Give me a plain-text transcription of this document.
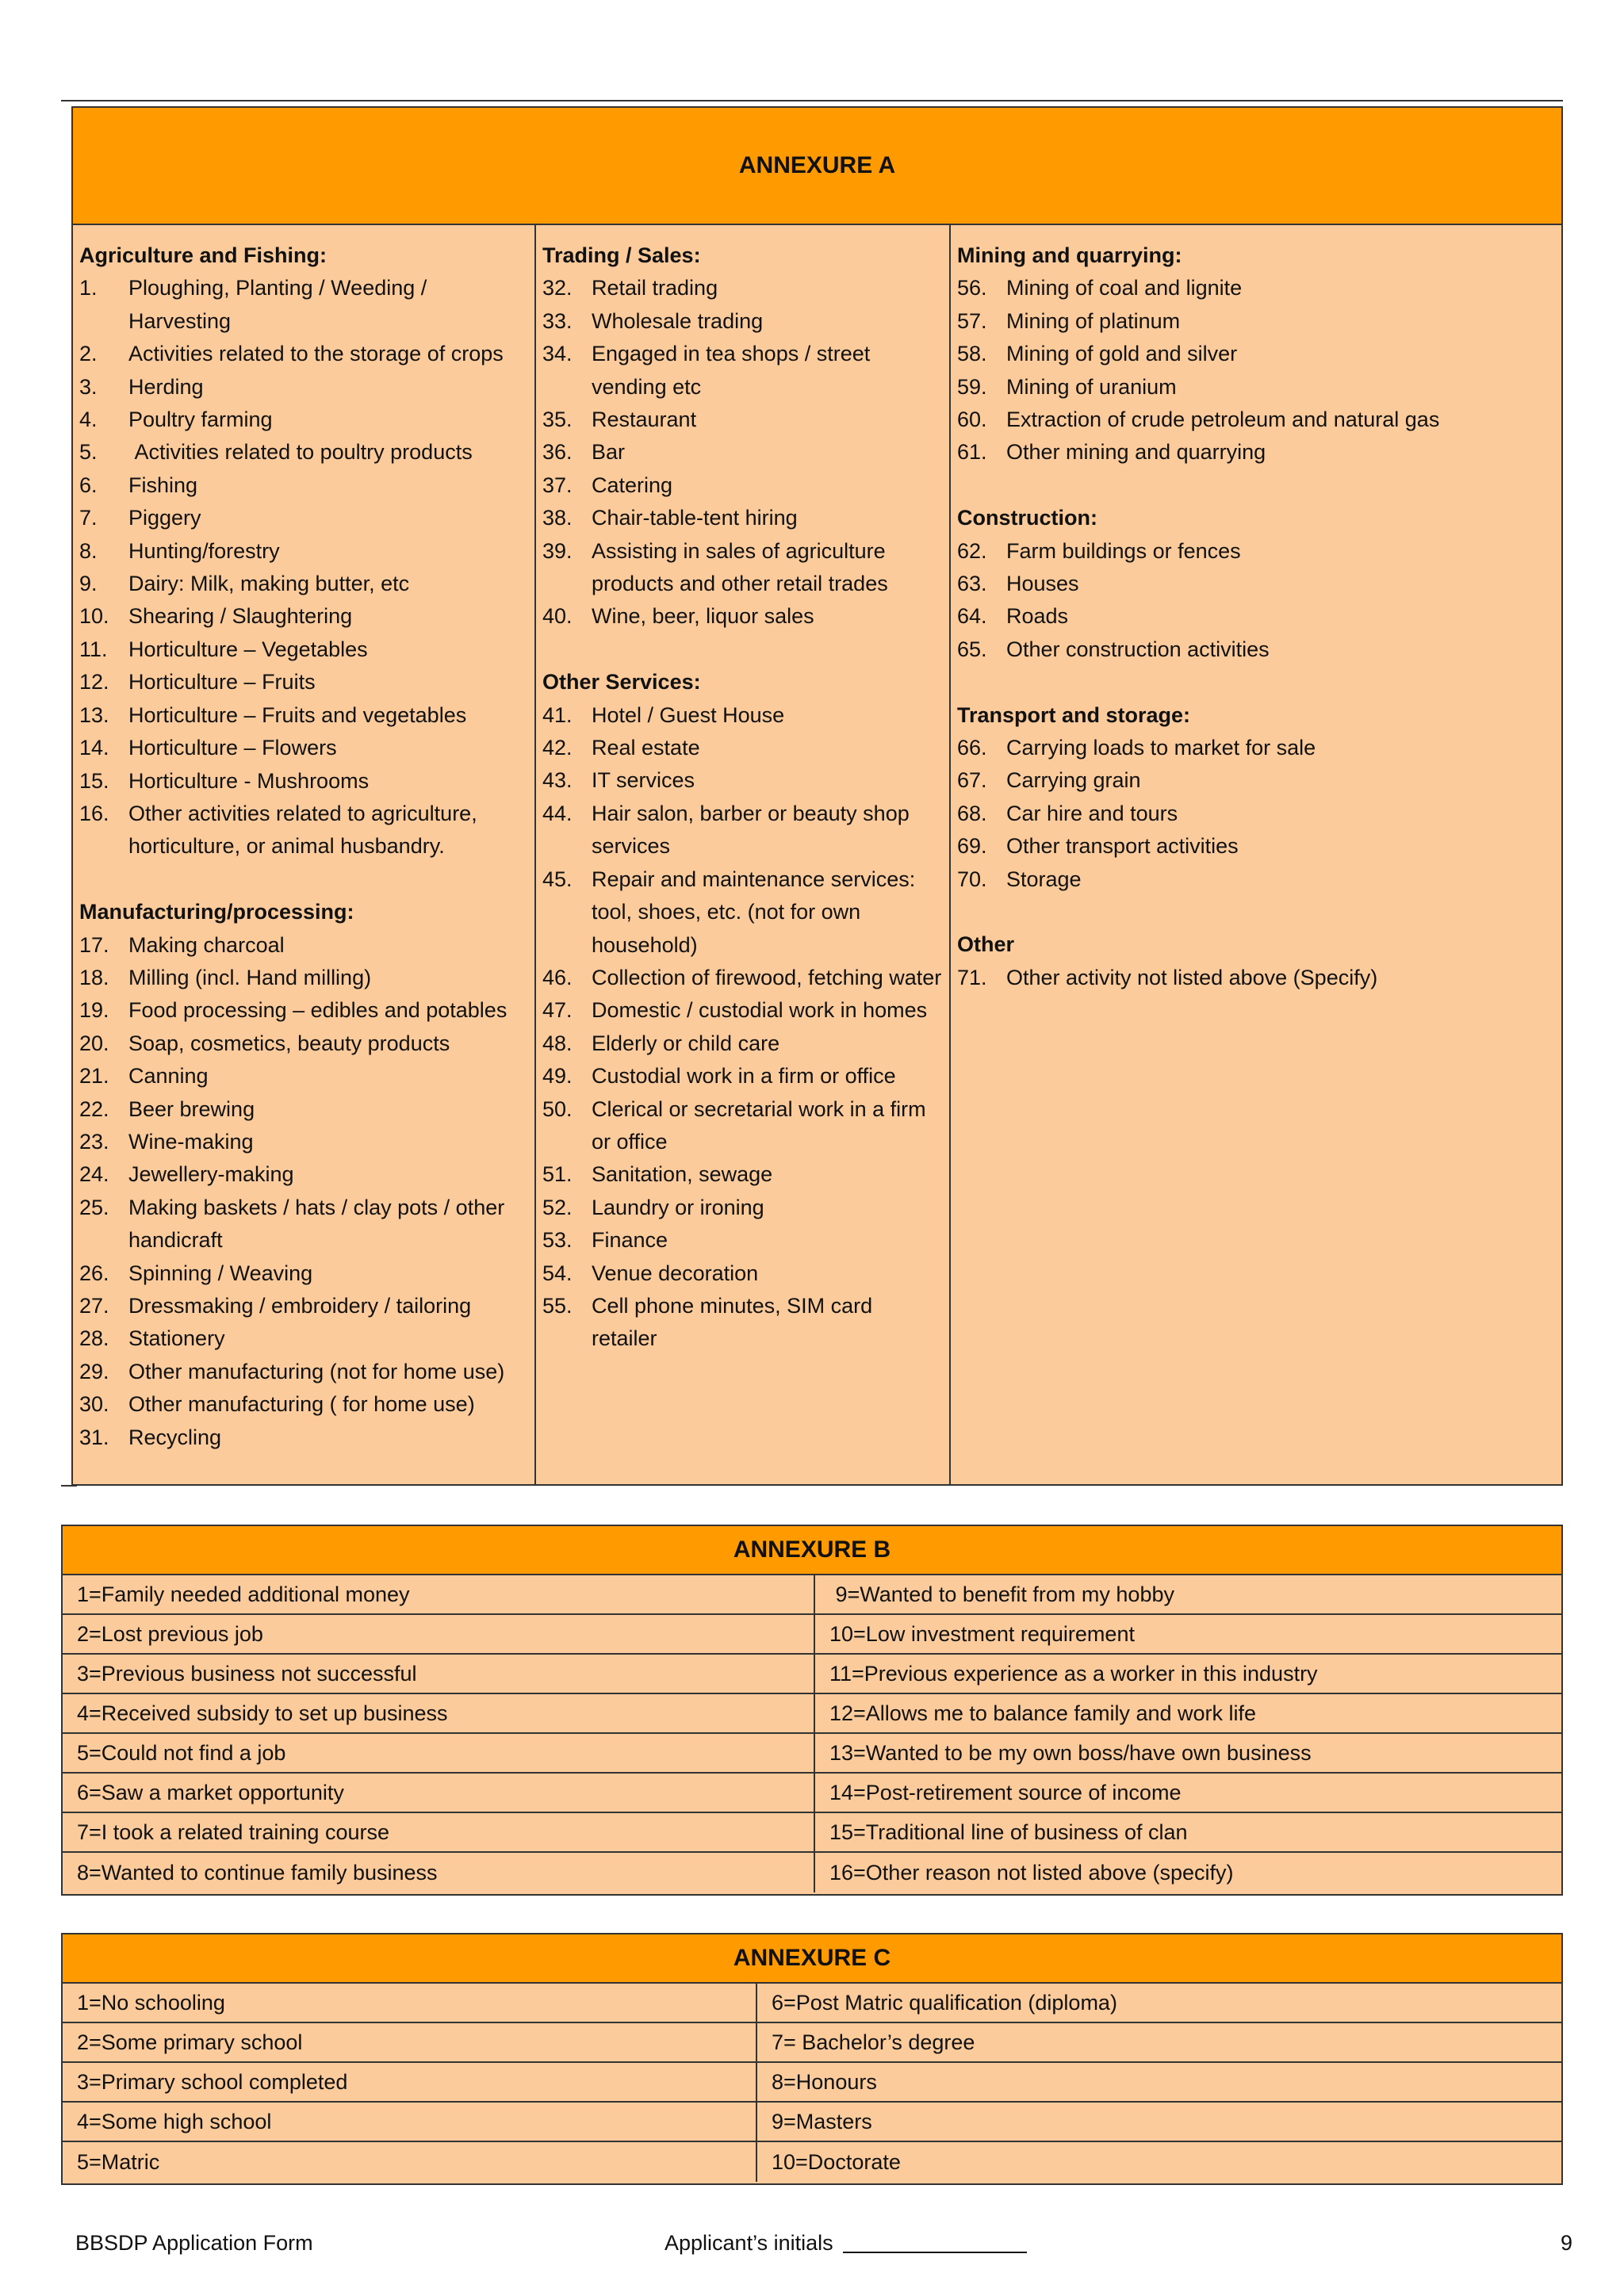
ANNEXURE A
Agriculture and Fishing:
1.	Ploughing, Planting / Weeding / Harvesting
2.	Activities related to the storage of crops
3.	Herding
4.	Poultry farming
5.	Activities related to poultry products
6.	Fishing
7.	Piggery
8.	Hunting/forestry
9.	Dairy: Milk, making butter, etc
10. Shearing / Slaughtering
11. Horticulture – Vegetables
12. Horticulture – Fruits
13. Horticulture – Fruits and vegetables
14. Horticulture – Flowers
15. Horticulture - Mushrooms
16. Other activities related to agriculture, horticulture, or animal husbandry.
Manufacturing/processing:
17. Making charcoal
18. Milling (incl. Hand milling)
19. Food processing – edibles and potables
20. Soap, cosmetics, beauty products
21. Canning
22. Beer brewing
23. Wine-making
24. Jewellery-making
25. Making baskets / hats / clay pots / other handicraft
26. Spinning / Weaving
27. Dressmaking / embroidery / tailoring
28. Stationery
29. Other manufacturing (not for home use)
30. Other manufacturing ( for home use)
31. Recycling
Trading / Sales:
32. Retail trading
33. Wholesale trading
34. Engaged in tea shops / street vending etc
35. Restaurant
36. Bar
37. Catering
38. Chair-table-tent hiring
39. Assisting in sales of agriculture products and other retail trades
40. Wine, beer, liquor sales
Other Services:
41. Hotel / Guest House
42. Real estate
43. IT services
44. Hair salon, barber or beauty shop services
45. Repair and maintenance services: tool, shoes, etc. (not for own household)
46. Collection of firewood, fetching water
47. Domestic / custodial work in homes
48. Elderly or child care
49. Custodial work in a firm or office
50. Clerical or secretarial work in a firm or office
51. Sanitation, sewage
52. Laundry or ironing
53. Finance
54. Venue decoration
55. Cell phone minutes, SIM card retailer
Mining and quarrying:
56. Mining of coal and lignite
57. Mining of platinum
58. Mining of gold and silver
59. Mining of uranium
60. Extraction of crude petroleum and natural gas
61. Other mining and quarrying
Construction:
62. Farm buildings or fences
63. Houses
64. Roads
65. Other construction activities
Transport and storage:
66. Carrying loads to market for sale
67. Carrying grain
68. Car hire and tours
69. Other transport activities
70. Storage
Other
71. Other activity not listed above (Specify)
ANNEXURE B
1=Family needed additional money	9=Wanted to benefit from my hobby
2=Lost previous job	10=Low investment requirement
3=Previous business not successful	11=Previous experience as a worker in this industry
4=Received subsidy to set up business	12=Allows me to balance family and work life
5=Could not find a job	13=Wanted to be my own boss/have own business
6=Saw a market opportunity	14=Post-retirement source of income
7=I took a related training course	15=Traditional line of business of clan
8=Wanted to continue family business	16=Other reason not listed above (specify)
ANNEXURE C
1=No schooling	6=Post Matric qualification (diploma)
2=Some primary school	7= Bachelor’s degree
3=Primary school completed	8=Honours
4=Some high school	9=Masters
5=Matric	10=Doctorate
BBSDP Application Form	Applicant’s initials	9
